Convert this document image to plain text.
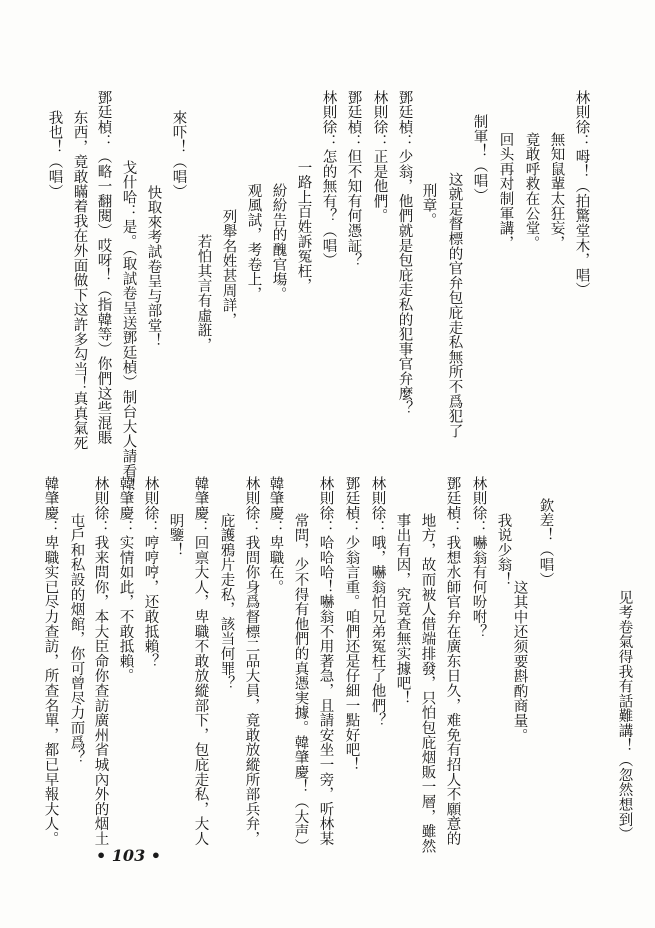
见考卷氣得我有話難講！（忽然想到）
欽差！（唱）
这其中还须要斟酌商量。
我说少翁！
林則徐：嚇翁有何吩咐？
鄧廷楨：我想水師官弁在廣东日久，难免有招人不願意的
地方，故而被人借端排發，只怕包庇烟販一層，雖然
事出有因，究竟查無实據吧！
林則徐：哦，嚇翁怕兄弟冤枉了他們？
鄧廷楨：少翁言重。咱們还是仔細一點好吧！
林則徐：哈哈哈！嚇翁不用著急，且請安坐一旁，听林某
常問，少不得有他們的真憑実據。韓肇慶！（大声）
韓肇慶：卑職在。
林則徐：我問你身爲督標二品大員，竟敢放縱所部兵弁，
庇護鴉片走私，該当何罪？
韓肇慶：回禀大人，卑職不敢放縱部下，包庇走私，大人
明鑒！
林則徐：哼哼哼，还敢抵賴？
韓肇慶：实情如此，不敢抵賴。
林則徐：我来問你，本大臣命你查訪廣州省城內外的烟土
屯戶和私設的烟館，你可曾尽力而爲？
韓肇慶：卑職实已尽力查訪，所查名單，都已早報大人。
林則徐：呣！（拍驚堂木，唱）
無知鼠輩太狂妄，
竟敢呼救在公堂。
回头再对制軍講，
制軍！（唱）
这就是督標的官弁包庇走私無所不爲犯了
刑章。
鄧廷楨：少翁，他們就是包庇走私的犯事官弁麼？
林則徐：正是他們。
鄧廷楨：但不知有何憑証？
林則徐：怎的無有？（唱）
一路上百姓訴冤枉，
紛紛告的醜官塲。
观風試，考卷上，
列舉名姓甚周詳，
若怕其言有虛誑，
來吓！（唱）
快取來考試卷呈与部堂！
戈什哈：是。（取試卷呈送鄧廷楨）制台大人請看！
鄧廷楨：（略一翻閱）哎呀！（指韓等）你們这些混賬
东西，竟敢瞞着我在外面做下这許多勾当！真真氣死
我也！（唱）
• 103 •
